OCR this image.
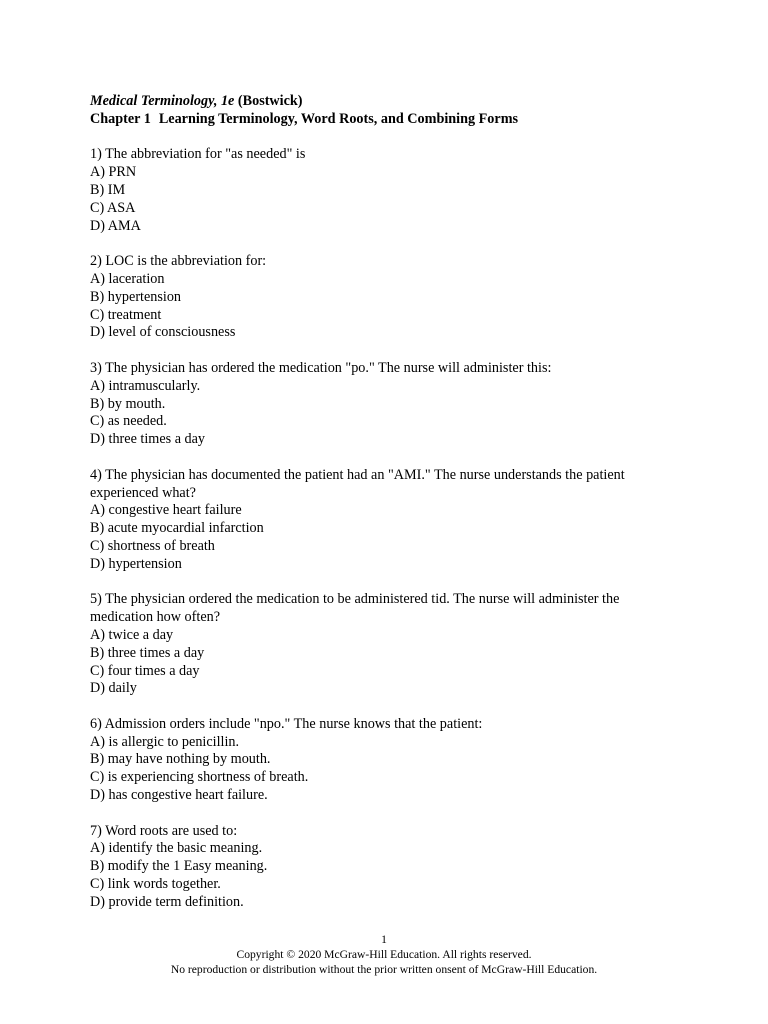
Medical Terminology, 1e (Bostwick)
Chapter 1 Learning Terminology, Word Roots, and Combining Forms
1) The abbreviation for "as needed" is
A) PRN
B) IM
C) ASA
D) AMA
2) LOC is the abbreviation for:
A) laceration
B) hypertension
C) treatment
D) level of consciousness
3) The physician has ordered the medication "po." The nurse will administer this:
A) intramuscularly.
B) by mouth.
C) as needed.
D) three times a day
4) The physician has documented the patient had an "AMI." The nurse understands the patient experienced what?
A) congestive heart failure
B) acute myocardial infarction
C) shortness of breath
D) hypertension
5) The physician ordered the medication to be administered tid. The nurse will administer the medication how often?
A) twice a day
B) three times a day
C) four times a day
D) daily
6) Admission orders include "npo." The nurse knows that the patient:
A) is allergic to penicillin.
B) may have nothing by mouth.
C) is experiencing shortness of breath.
D) has congestive heart failure.
7) Word roots are used to:
A) identify the basic meaning.
B) modify the 1 Easy meaning.
C) link words together.
D) provide term definition.
1
Copyright © 2020 McGraw-Hill Education. All rights reserved.
No reproduction or distribution without the prior written onsent of McGraw-Hill Education.
